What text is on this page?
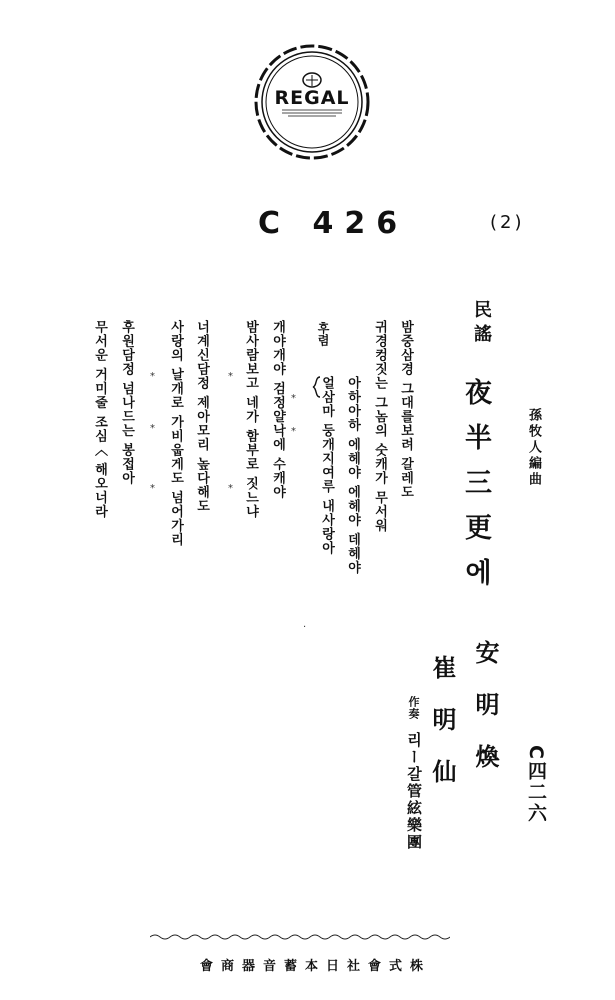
REGAL
C 426	(2)
民謠
夜半三更에	孫牧人編曲
C四二六
安明煥
崔明仙
作奏
리ー갈管絃樂團
후렴	밤중삼경 그대를보려 갈레도
귀경컹짓는 그놈의 숫캐가 무서워
아하아하 에헤야 에헤야 데헤야
얼삼마 둥개지여루 내사랑아
개야개야 검정얄낙에 수캐야
밤사람보고 네가 함부로 짓느냐
너계신담정 제아모리 높다해도
사랑의 날개로 가비웁게도 넘어가리
후원담정 넘나드는 봉접아
무서운 거미줄 조심〈 해오너라	⁎
⁎
·
⁎
⁎
⁎
⁎
⁎
株式會社日本蓄音器商會
